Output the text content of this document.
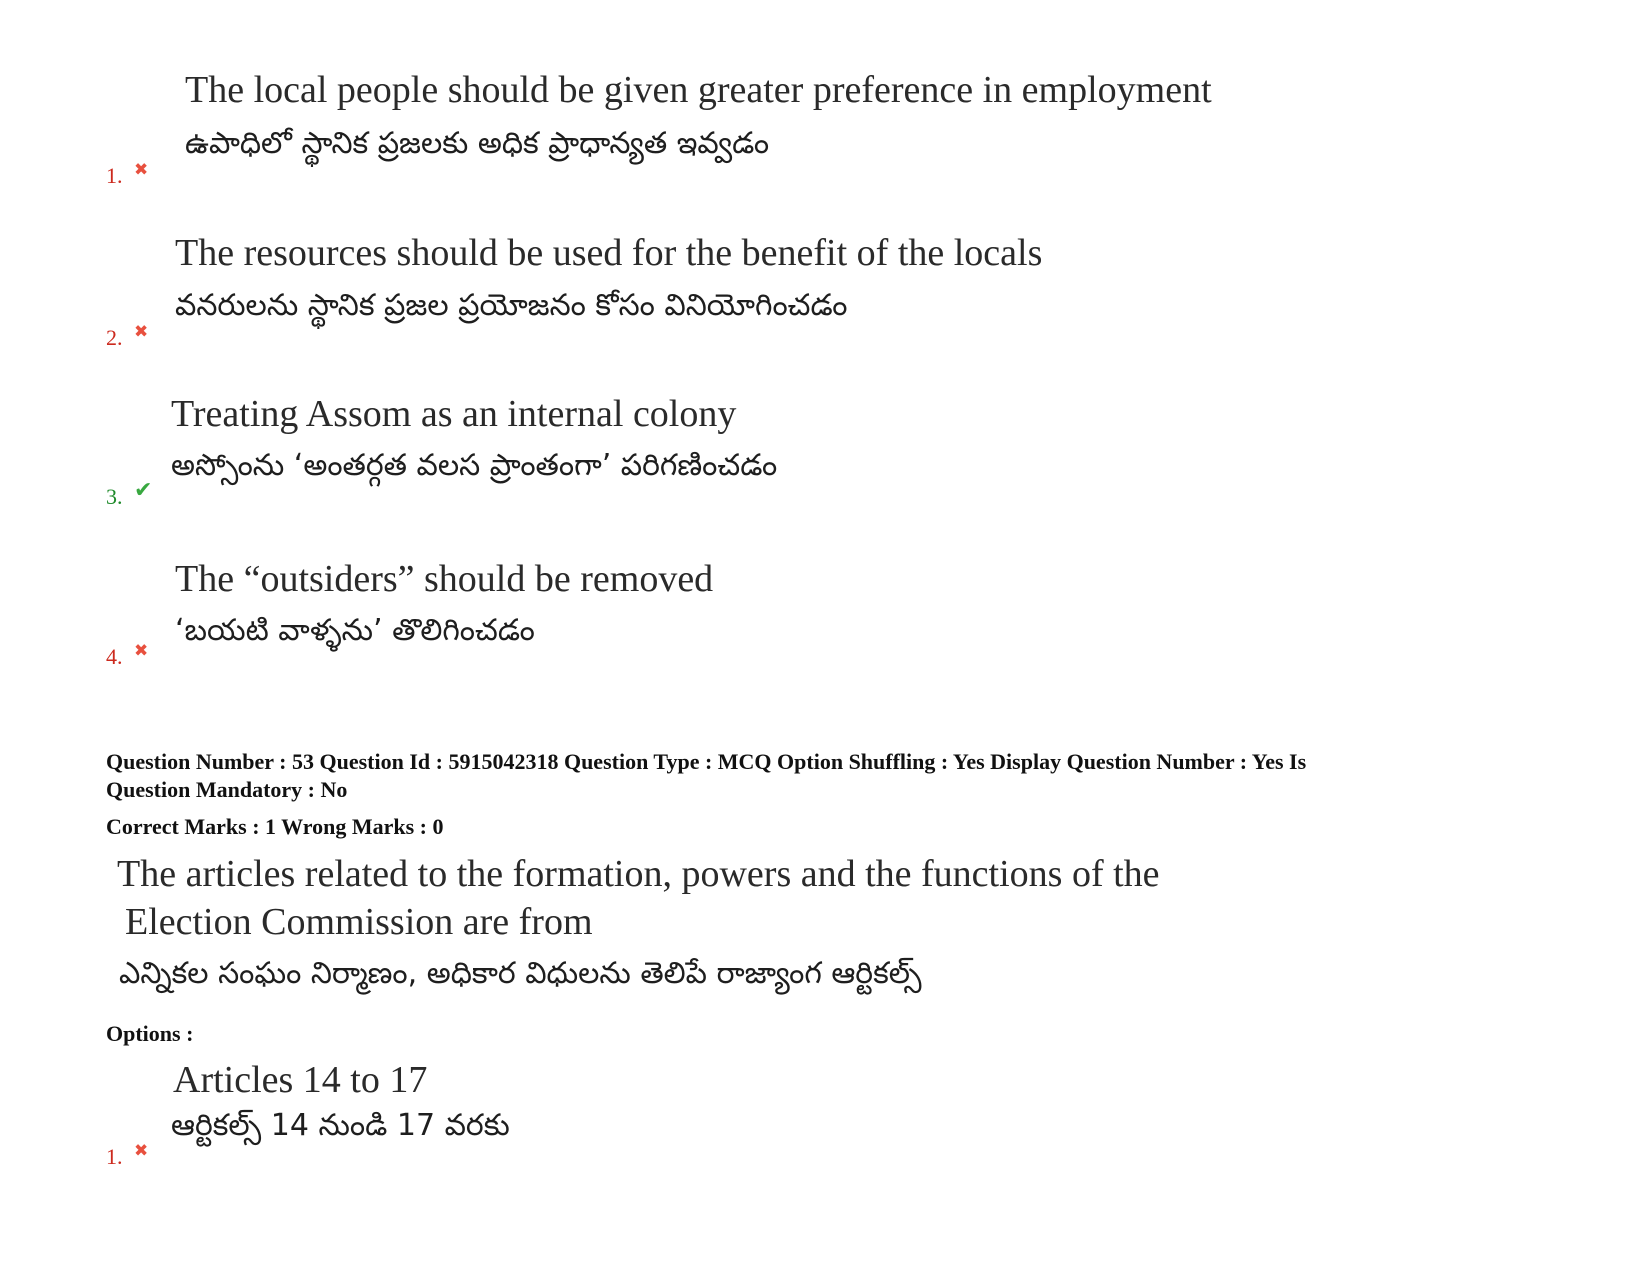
The local people should be given greater preference in employment
ఉపాధిలో స్థానిక ప్రజలకు అధిక ప్రాధాన్యత ఇవ్వడం
1. ✖
The resources should be used for the benefit of the locals
వనరులను స్థానిక ప్రజల ప్రయోజనం కోసం వినియోగించడం
2. ✖
Treating Assom as an internal colony
అస్సోంను ‘అంతర్గత వలస ప్రాంతంగా’ పరిగణించడం
3. ✔
The “outsiders” should be removed
‘బయటి వాళ్ళను’ తొలిగించడం
4. ✖
Question Number : 53 Question Id : 5915042318 Question Type : MCQ Option Shuffling : Yes Display Question Number : Yes Is
Question Mandatory : No
Correct Marks : 1 Wrong Marks : 0
The articles related to the formation, powers and the functions of the
Election Commission are from
ఎన్నికల సంఘం నిర్మాణం, అధికార విధులను తెలిపే రాజ్యాంగ ఆర్టికల్స్
Options :
Articles 14 to 17
ఆర్టికల్స్ 14 నుండి 17 వరకు
1. ✖
